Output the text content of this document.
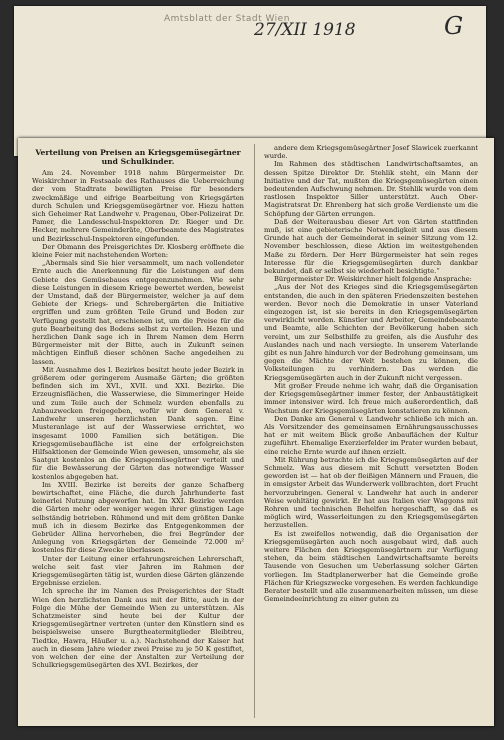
Amtsblatt der Stadt Wien
27/XII 1918	G
Verteilung von Preisen an Kriegsgemüsegärtner und Schulkinder.

Am 24. November 1918 nahm Bürgermeister Dr. Weiskirchner in Festsaale des Rathauses die Ueberreichung der vom Stadtrate bewilligten Preise für besonders zweckmäßige und eifrige Bearbeitung von Kriegsgärten durch Schulen und Kriegsgemüsegärtner vor. Hiezu hatten sich Geheimer Rat Landwehr v. Pragenau, Ober-Polizeirat Dr. Pamer, die Landesschul-Inspektoren Dr. Rieger und Dr. Hecker, mehrere Gemeinderäte, Oberbeamte des Magistrates und Bezirksschul-Inspektoren eingefunden.

Der Obmann des Preisgerichtes Dr. Klosberg eröffnete die kleine Feier mit nachstehenden Worten:

„Abermals sind Sie hier versammelt, um nach vollendeter Ernte auch die Anerkennung für die Leistungen auf dem Gebiete des Gemüsebaues entgegenzunehmen. Wie sehr diese Leistungen in diesem Kriege bewertet werden, beweist der Umstand, daß der Bürgermeister, welcher ja auf dem Gebiete der Kriegs- und Schrebergärten die Initiative ergriffen und zum größten Teile Grund und Boden zur Verfügung gestellt hat, erschienen ist, um die Preise für die gute Bearbeitung des Bodens selbst zu verteilen. Hezen und herzlichen Dank sage ich in Ihrem Namen dem Herrn Bürgermeister mit der Bitte, auch in Zukunft seinen mächtigen Einfluß dieser schönen Sache angedeihen zu lassen.

Mit Ausnahme des I. Bezirkes besitzt heute jeder Bezirk in größerem oder geringerem Ausmaße Gärten; die größten befinden sich im XVI., XVII. und XXI. Bezirke. Die Erzeugnisflächen, die Wasserwiese, die Simmeringer Heide und zum Teile auch der Schmelz wurden ebenfalls zu Anbauzwecken freigegeben, wofür wir dem General v. Landwehr unseren herzlichsten Dank sagen. Eine Musteranlage ist auf der Wasserwiese errichtet, wo insgesamt 1000 Familien sich betätigen. Die Kriegsgemüsebaufläche ist eine der erfolgreichsten Hilfsaktionen der Gemeinde Wien gewesen, umsomehr, als sie Saatgut kostenlos an die Kriegsgemüsegärtner verteilt und für die Bewässerung der Gärten das notwendige Wasser kostenlos abgegeben hat.

Im XVIII. Bezirke ist bereits der ganze Schafberg bewirtschaftet, eine Fläche, die durch Jahrhunderte fast keinerlei Nutzung abgeworfen hat. Im XXI. Bezirke werden die Gärten mehr oder weniger wegen ihrer günstigen Lage selbständig betrieben. Rühmend und mit dem größten Danke muß ich in diesem Bezirke das Entgegenkommen der Gebrüder Allina hervorheben, die frei Begründer der Anlegung von Kriegsgärten der Gemeinde 72.000 m² kostenlos für diese Zwecke überlassen.

Unter der Leitung einer erfahrungsreichen Lehrerschaft, welche seit fast vier Jahren im Rahmen der Kriegsgemüsegärten tätig ist, wurden diese Gärten glänzende Ergebnisse erzielen.

Ich spreche ihr im Namen des Preisgerichtes der Stadt Wien den herzlichsten Dank aus mit der Bitte, auch in der Folge die Mühe der Gemeinde Wien zu unterstützen. Als Schatzmeister sind heute bei der Kultur der Kriegsgemüsegärtner vertreten (unter den Künstlern sind es beispielsweise unsere Burgtheatermitglieder Bleibtreu, Tiedtke, Hawra, Häußer u. a.). Nachstehend der Kaiser hat auch in diesem Jahre wieder zwei Preise zu je 50 K gestiftet, von welchen der eine der Anstalten zur Verteilung der Schulkriegsgemüsegärten des XVI. Bezirkes, der

andere dem Kriegsgemüsegärtner Josef Slawicek zuerkannt wurde.

Im Rahmen des städtischen Landwirtschaftsamtes, an dessen Spitze Direktor Dr. Stehlik steht, ein Mann der Initiative und der Tat, mußten die Kriegsgemüsegärten einen bedeutenden Aufschwung nehmen. Dr. Stehlik wurde von dem rastlosen Inspektor Siller unterstützt. Auch Ober-Magistratsrat Dr. Ehrenberg hat sich große Verdienste um die Schöpfung der Gärten errungen.

Daß der Weiterausbau dieser Art von Gärten stattfinden muß, ist eine gebieterische Notwendigkeit und aus diesem Grunde hat auch der Gemeinderat in seiner Sitzung vom 12. November beschlossen, diese Aktion im weitestgehenden Maße zu fördern. Der Herr Bürgermeister hat sein reges Interesse für die Kriegsgemüsegärten durch dankbar bekundet, daß er selbst sie wiederholt besichtigte.“

Bürgermeister Dr. Weiskirchner hielt folgende Ansprache:

„Aus der Not des Krieges sind die Kriegsgemüsegärten entstanden, die auch in den späteren Friedenszeiten bestehen werden. Bevor noch die Demokratie in unser Vaterland eingezogen ist, ist sie bereits in den Kriegsgemüsegärten verwirklicht worden. Künstler und Arbeiter, Gemeindebeamte und Beamte, alle Schichten der Bevölkerung haben sich vereint, um zur Selbsthilfe zu greifen, als die Ausfuhr des Auslandes nach und nach versiegte. In unserem Vaterlande gibt es nun Jahre hindurch vor der Bedrohung gemeinsam, um gegen die Mächte der Welt bestehen zu können, die Volksteilungen zu verhindern. Das werden die Kriegsgemüsegärten auch in der Zukunft nicht vergessen.

Mit großer Freude nehme ich wahr, daß die Organisation der Kriegsgemüsegärtner immer fester, der Anbaustätigkeit immer intensiver wird. Ich freue mich außerordentlich, daß Wachstum der Kriegsgemüsegärten konstatieren zu können.

Den Danke am General v. Landwehr schließe ich mich an. Als Vorsitzender des gemeinsamen Ernährungsausschusses hat er mit weitem Blick große Anbauflächen der Kultur zugeführt. Ehemalige Exerzierfelder im Prater wurden bebaut, eine reiche Ernte wurde auf ihnen erzielt.

Mit Rührung betrachte ich die Kriegsgemüsegärten auf der Schmelz. Was aus diesem mit Schutt versetzten Boden geworden ist — hat ob der fleißigen Männern und Frauen, die in emsigster Arbeit das Wunderwerk vollbrachten, dort Frucht hervorzubringen. General v. Landwehr hat auch in anderer Weise wohltätig gewirkt. Er hat aus Italien vier Waggons mit Rohren und technischen Behelfen hergeschafft, so daß es möglich wird, Wasserleitungen zu den Kriegsgemüsegärten herzustellen.

Es ist zweifellos notwendig, daß die Organisation der Kriegsgemüsegärten auch noch ausgebaut wird, daß auch weitere Flächen den Kriegsgemüsegärtnern zur Verfügung stehen, da beim städtischen Landwirtschaftsamte bereits Tausende von Gesuchen um Ueberlassung solcher Gärten vorliegen. Im Stadtplanerwerber hat die Gemeinde große Flächen für Kriegszwecke vorgesehen. Es werden fachkundige Berater bestellt und alle zusammenarbeiten müssen, um diese Gemeindeeinrichtung zu einer guten zu
